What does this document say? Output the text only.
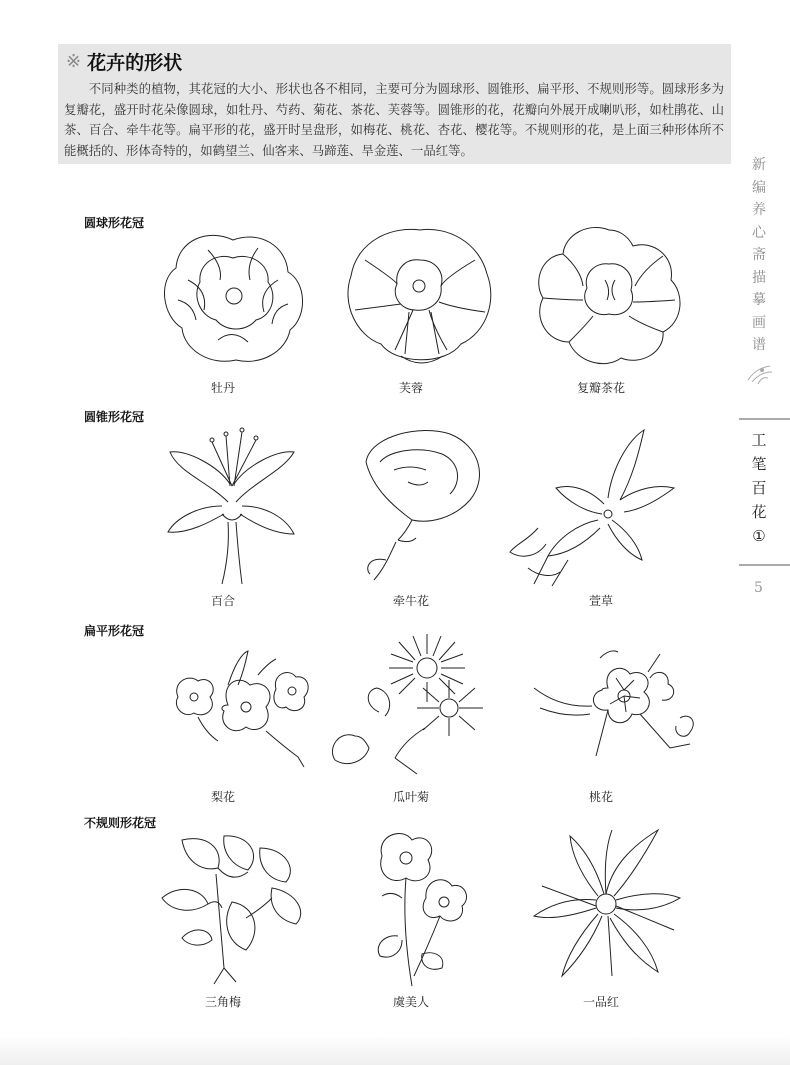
※ 花卉的形状
不同种类的植物，其花冠的大小、形状也各不相同，主要可分为圆球形、圆锥形、扁平形、不规则形等。圆球形多为复瓣花，盛开时花朵像圆球，如牡丹、芍药、菊花、茶花、芙蓉等。圆锥形的花，花瓣向外展开成喇叭形，如杜鹃花、山茶、百合、牵牛花等。扁平形的花，盛开时呈盘形，如梅花、桃花、杏花、樱花等。不规则形的花，是上面三种形体所不能概括的、形体奇特的，如鹤望兰、仙客来、马蹄莲、旱金莲、一品红等。
新
编
养
心
斋
描
摹
画
谱
工
笔
百
花
①
5
圆球形花冠
牡丹	芙蓉	复瓣茶花
圆锥形花冠
百合	牵牛花	萱草
扁平形花冠
梨花	瓜叶菊	桃花
不规则形花冠
三角梅	虞美人	一品红
